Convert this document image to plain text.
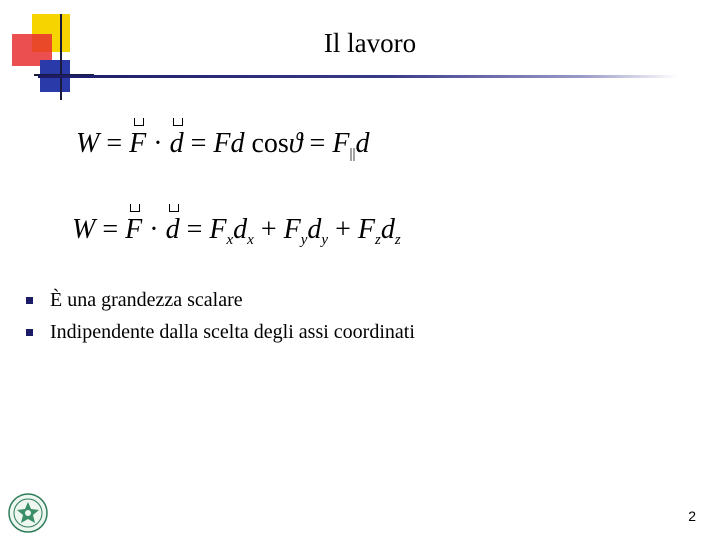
Il lavoro
W = F · d = Fd $\cos ϑ = F_{||}d$
$W = F \cdot d = F_xd_x + F_yd_y + F_zd_z$
È una grandezza scalare
Indipendente dalla scelta degli assi coordinati
2
